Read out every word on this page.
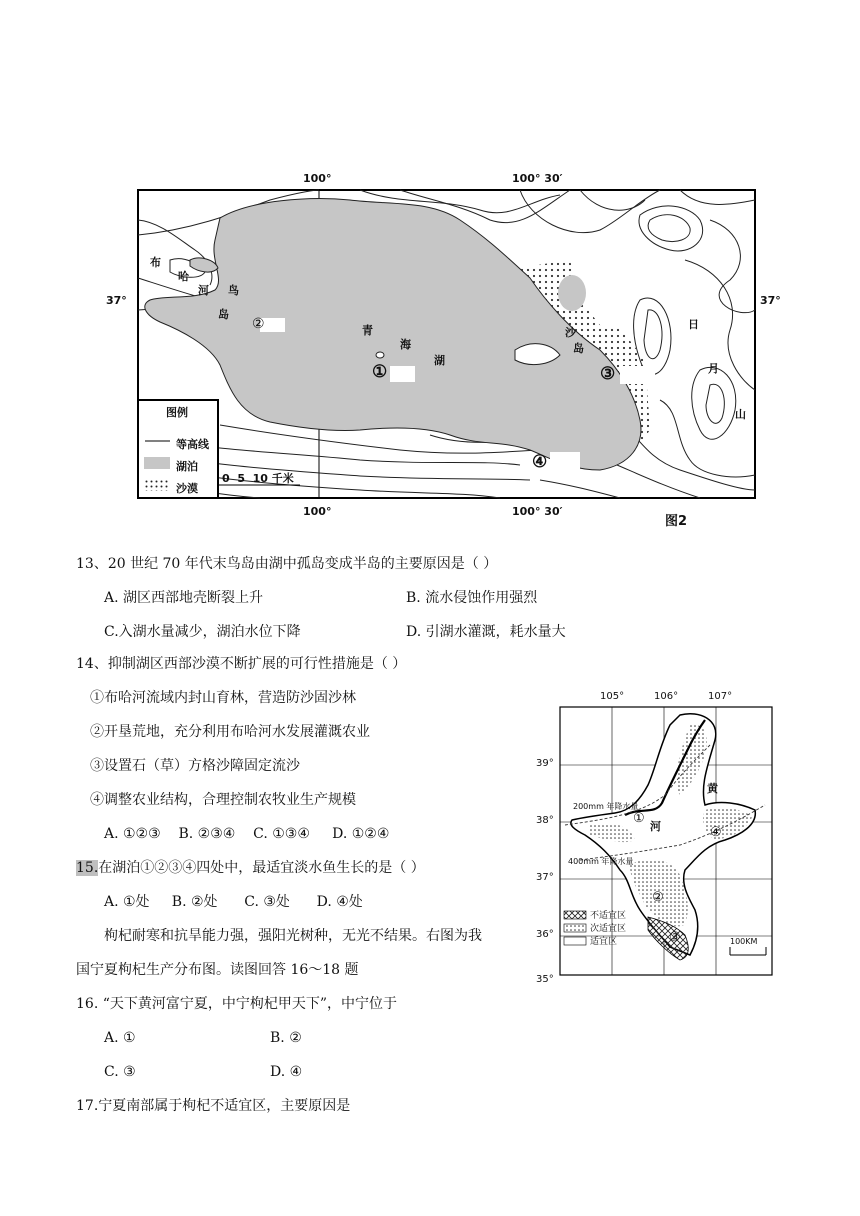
100°	100° 30′
100°	100° 30′
37°	37°
布
哈
河 鸟
岛
青
海
湖
沙
岛
日
月
山
②
①	③
④
图例
等高线
湖泊
沙漠
0  5  10 千米
图2
13、20 世纪 70 年代末鸟岛由湖中孤岛变成半岛的主要原因是（ ）
A. 湖区西部地壳断裂上升	B. 流水侵蚀作用强烈
C.入湖水量减少，湖泊水位下降	D. 引湖水灌溉，耗水量大
14、抑制湖区西部沙漠不断扩展的可行性措施是（ ）
①布哈河流域内封山育林，营造防沙固沙林
②开垦荒地，充分利用布哈河水发展灌溉农业
③设置石（草）方格沙障固定流沙
④调整农业结构，合理控制农牧业生产规模
A. ①②③    B. ②③④    C. ①③④     D. ①②④
15.在湖泊①②③④四处中，最适宜淡水鱼生长的是（ ）
A. ①处     B. ②处      C. ③处      D. ④处
枸杞耐寒和抗旱能力强，强阳光树种，无光不结果。右图为我
国宁夏枸杞生产分布图。读图回答 16～18 题
16. “天下黄河富宁夏，中宁枸杞甲天下”，中宁位于
A. ①	B. ②
C. ③	D. ④
17.宁夏南部属于枸杞不适宜区，主要原因是
105°	106°	107°
39°
38°
37°
36°
35°
黄
河
200mm 年降水量
400mm 年降水量
①
②
③
④
不适宜区
次适宜区
适宜区	100KM
